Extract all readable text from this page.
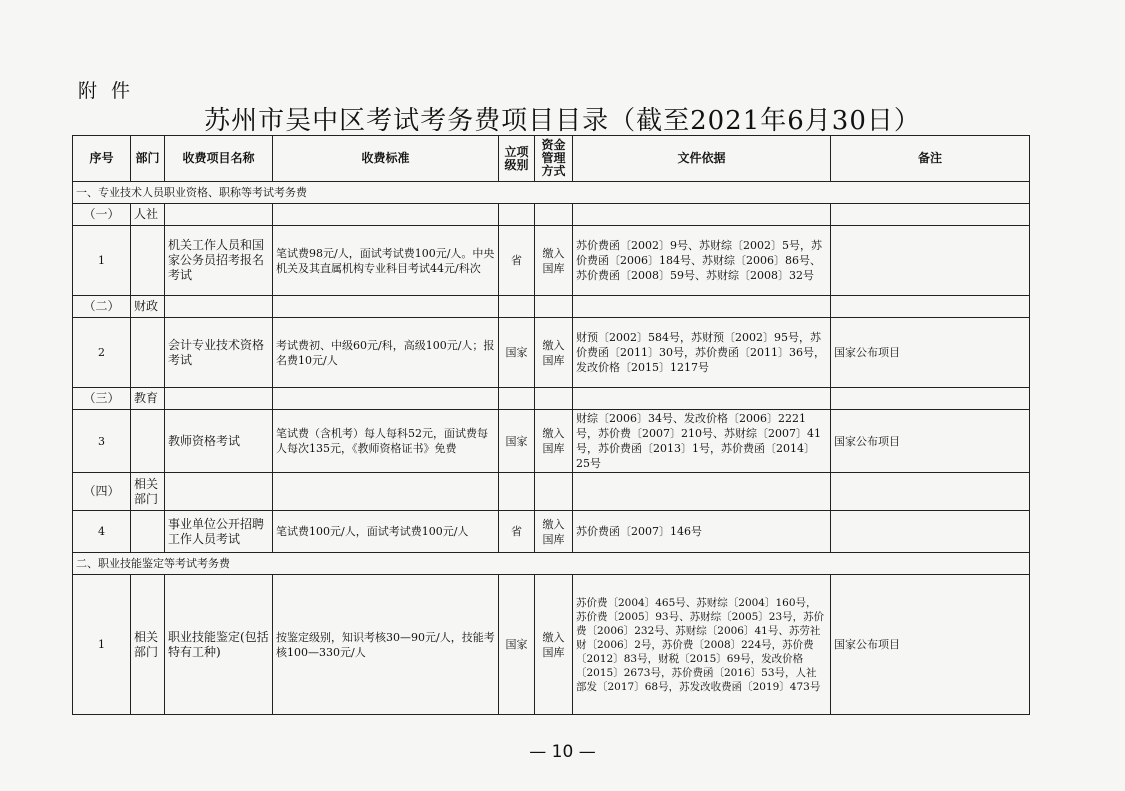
附 件
苏州市吴中区考试考务费项目目录（截至2021年6月30日）
序号	部门	收费项目名称	收费标准	立项级别	资金管理方式	文件依据	备注
一、专业技术人员职业资格、职称等考试考务费							
（一）	人社						
1		机关工作人员和国家公务员招考报名考试	笔试费98元/人，面试考试费100元/人。中央机关及其直属机构专业科目考试44元/科次	省	缴入国库	苏价费函〔2002〕9号、苏财综〔2002〕5号，苏价费函〔2006〕184号、苏财综〔2006〕86号、苏价费函〔2008〕59号、苏财综〔2008〕32号	
（二）	财政						
2		会计专业技术资格考试	考试费初、中级60元/科，高级100元/人；报名费10元/人	国家	缴入国库	财预〔2002〕584号，苏财预〔2002〕95号，苏价费函〔2011〕30号，苏价费函〔2011〕36号，发改价格〔2015〕1217号	国家公布项目
（三）	教育						
3		教师资格考试	笔试费（含机考）每人每科52元，面试费每人每次135元，《教师资格证书》免费	国家	缴入国库	财综〔2006〕34号、发改价格〔2006〕2221号，苏价费〔2007〕210号、苏财综〔2007〕41号，苏价费函〔2013〕1号，苏价费函〔2014〕25号	国家公布项目
（四）	相关部门						
4		事业单位公开招聘工作人员考试	笔试费100元/人，面试考试费100元/人	省	缴入国库	苏价费函〔2007〕146号	
二、职业技能鉴定等考试考务费							
1	相关部门	职业技能鉴定(包括特有工种)	按鉴定级别，知识考核30—90元/人，技能考核100—330元/人	国家	缴入国库	苏价费〔2004〕465号、苏财综〔2004〕160号，苏价费〔2005〕93号、苏财综〔2005〕23号，苏价费〔2006〕232号、苏财综〔2006〕41号、苏劳社财〔2006〕2号，苏价费〔2008〕224号，苏价费〔2012〕83号，财税〔2015〕69号，发改价格〔2015〕2673号，苏价费函〔2016〕53号，人社部发〔2017〕68号，苏发改收费函〔2019〕473号	国家公布项目
— 10 —
